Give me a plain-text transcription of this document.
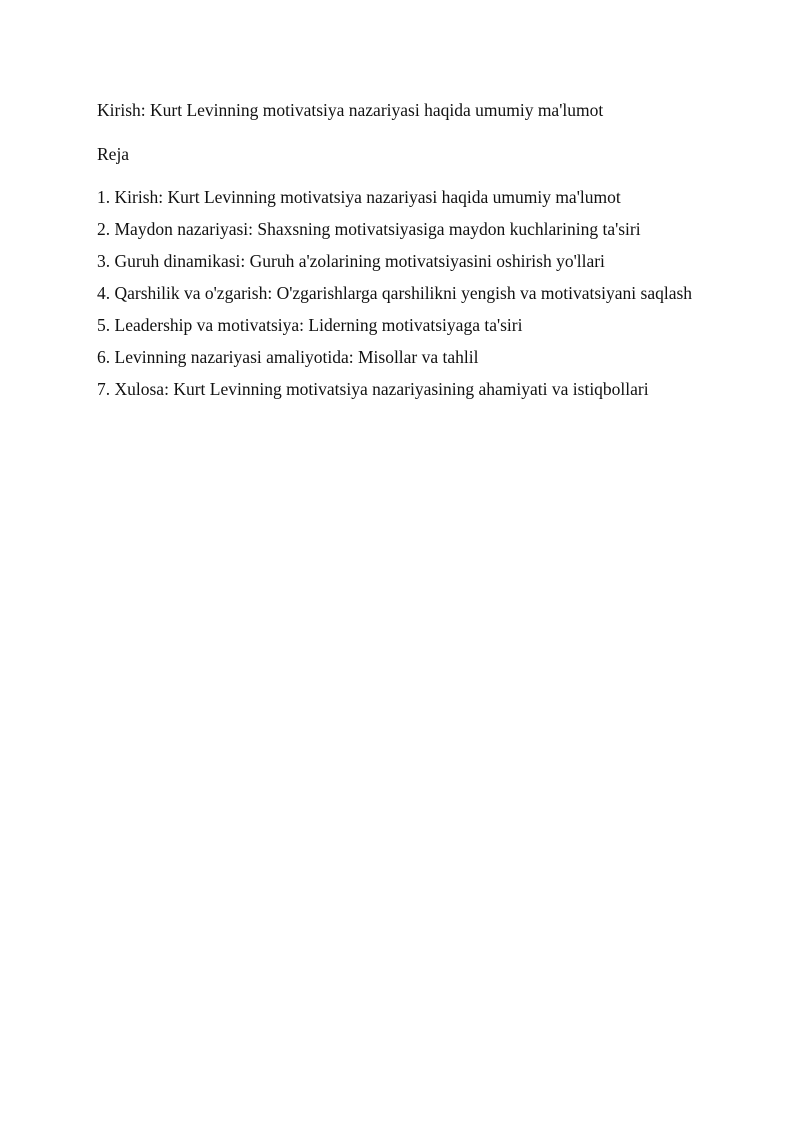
Kirish: Kurt Levinning motivatsiya nazariyasi haqida umumiy ma'lumot

Reja

1. Kirish: Kurt Levinning motivatsiya nazariyasi haqida umumiy ma'lumot
2. Maydon nazariyasi: Shaxsning motivatsiyasiga maydon kuchlarining ta'siri
3. Guruh dinamikasi: Guruh a'zolarining motivatsiyasini oshirish yo'llari
4. Qarshilik va o'zgarish: O'zgarishlarga qarshilikni yengish va motivatsiyani saqlash
5. Leadership va motivatsiya: Liderning motivatsiyaga ta'siri
6. Levinning nazariyasi amaliyotida: Misollar va tahlil
7. Xulosa: Kurt Levinning motivatsiya nazariyasining ahamiyati va istiqbollari
